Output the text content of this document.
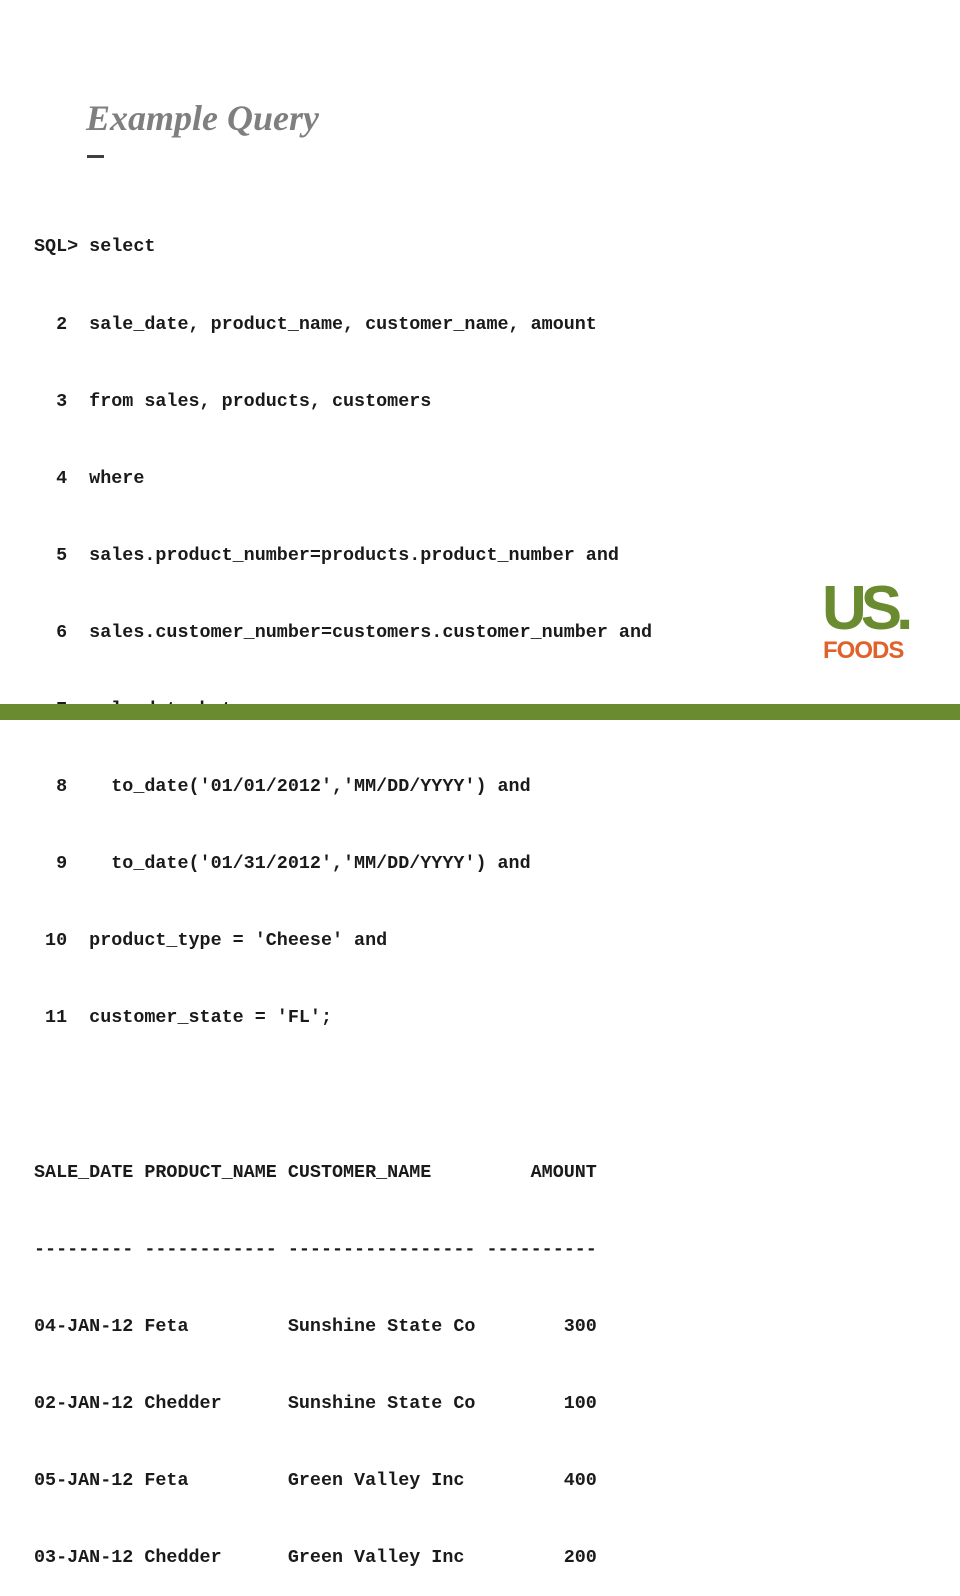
Example Query

SQL> select

2  sale_date, product_name, customer_name, amount

3  from sales, products, customers

4  where

5  sales.product_number=products.product_number and

6  sales.customer_number=customers.customer_number and

8    to_date('01/01/2012','MM/DD/YYYY') and

9    to_date('01/31/2012','MM/DD/YYYY') and

10  product_type = 'Cheese' and

11  customer_state = 'FL';

SALE_DATE PRODUCT_NAME CUSTOMER_NAME         AMOUNT

--------- ------------ ----------------- ----------

04-JAN-12 Feta         Sunshine State Co        300

02-JAN-12 Chedder      Sunshine State Co        100

05-JAN-12 Feta         Green Valley Inc         400

03-JAN-12 Chedder      Green Valley Inc         200

US.
FOODS
